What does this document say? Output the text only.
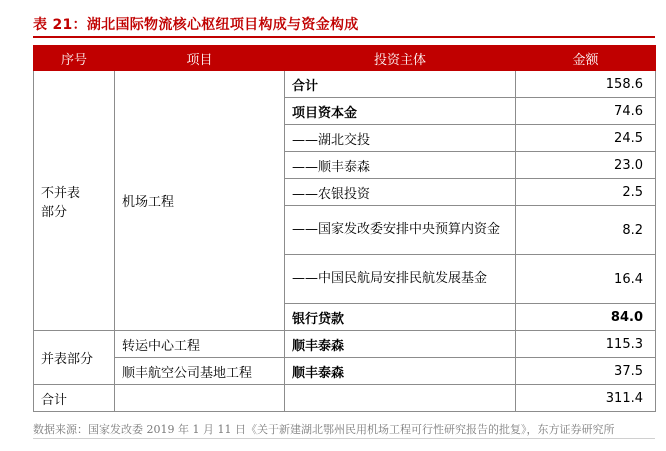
表 21：湖北国际物流核心枢纽项目构成与资金构成
序号	项目	投资主体	金额
不并表部分	机场工程	合计	158.6
		项目资本金	74.6
		——湖北交投	24.5
		——顺丰泰森	23.0
		——农银投资	2.5
		——国家发改委安排中央预算内资金	8.2
		——中国民航局安排民航发展基金	16.4
		银行贷款	84.0
并表部分	转运中心工程	顺丰泰森	115.3
	顺丰航空公司基地工程	顺丰泰森	37.5
合计			311.4
数据来源：国家发改委 2019 年 1 月 11 日《关于新建湖北鄂州民用机场工程可行性研究报告的批复》，东方证券研究所
